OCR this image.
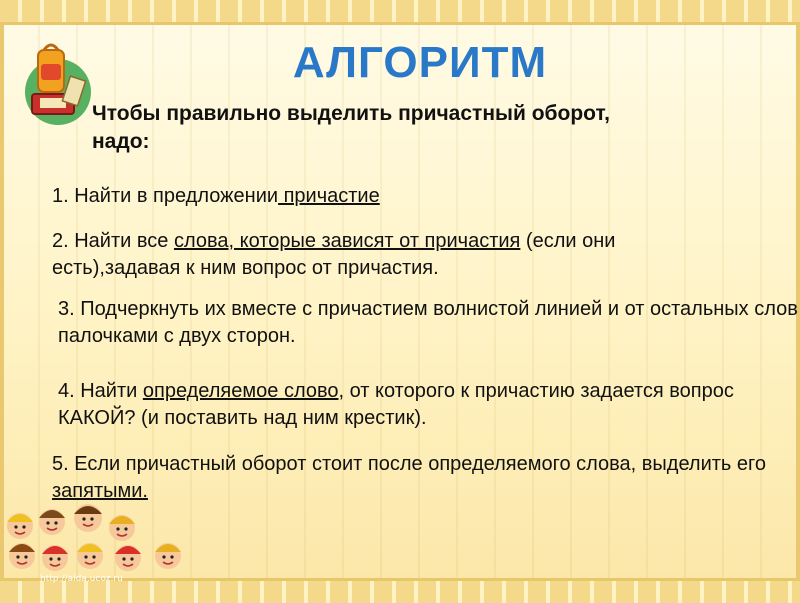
АЛГОРИТМ
Чтобы правильно выделить причастный оборот, надо:
1. Найти в предложении причастие
2. Найти все слова, которые зависят от причастия (если они есть),задавая к ним вопрос от причастия.
3. Подчеркнуть их вместе с причастием волнистой линией и от остальных слов палочками с двух сторон.
4. Найти определяемое слово, от которого к причастию задается вопрос КАКОЙ? (и поставить над ним крестик).
5. Если причастный оборот стоит после определяемого слова, выделить его запятыми.
http://aida.ucoz.ru
